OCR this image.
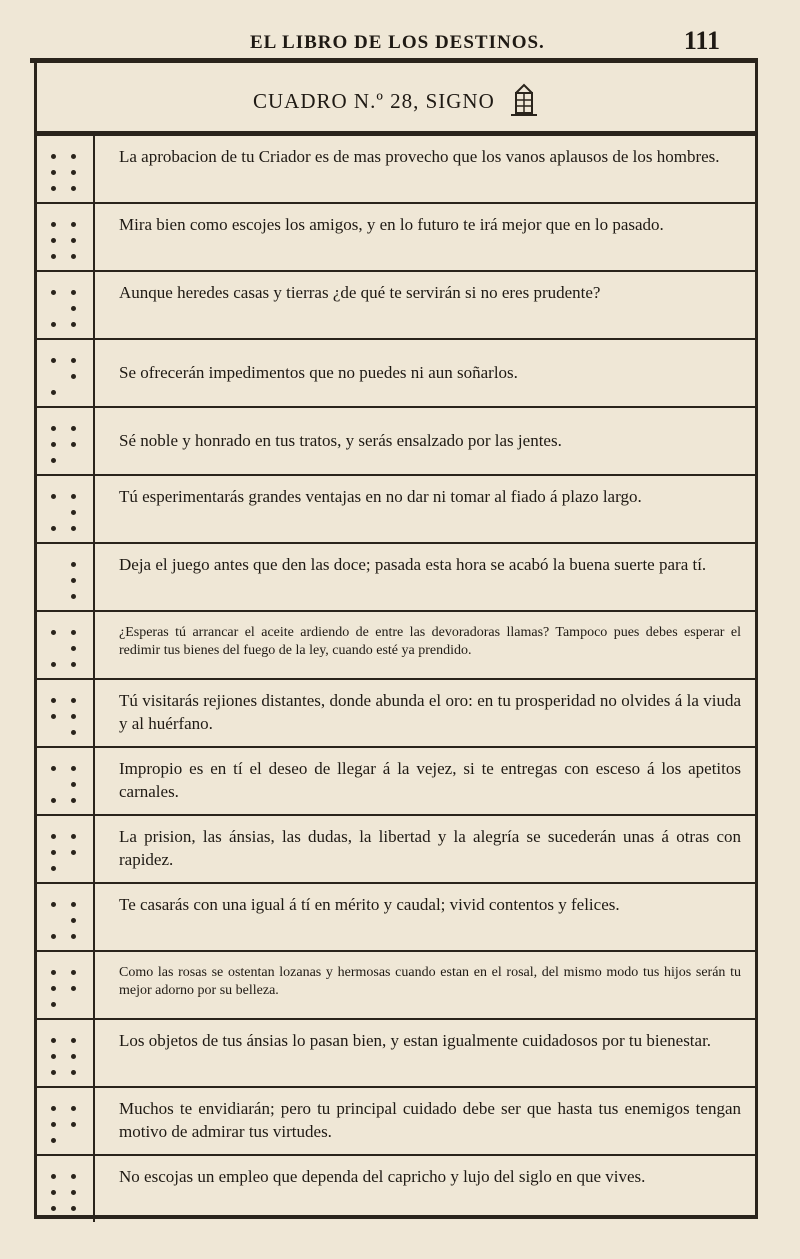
EL LIBRO DE LOS DESTINOS.	111
CUADRO N.º 28, SIGNO
La aprobacion de tu Criador es de mas provecho que los vanos aplausos de los hombres.
Mira bien como escojes los amigos, y en lo futuro te irá mejor que en lo pasado.
Aunque heredes casas y tierras ¿de qué te servirán si no eres prudente?
Se ofrecerán impedimentos que no puedes ni aun soñarlos.
Sé noble y honrado en tus tratos, y serás ensalzado por las jentes.
Tú esperimentarás grandes ventajas en no dar ni tomar al fiado á plazo largo.
Deja el juego antes que den las doce; pasada esta hora se acabó la buena suerte para tí.
¿Esperas tú arrancar el aceite ardiendo de entre las devoradoras llamas? Tampoco pues debes esperar el redimir tus bienes del fuego de la ley, cuando esté ya prendido.
Tú visitarás rejiones distantes, donde abunda el oro: en tu prosperidad no olvides á la viuda y al huérfano.
Impropio es en tí el deseo de llegar á la vejez, si te entregas con esceso á los apetitos carnales.
La prision, las ánsias, las dudas, la libertad y la alegría se sucederán unas á otras con rapidez.
Te casarás con una igual á tí en mérito y caudal; vivid contentos y felices.
Como las rosas se ostentan lozanas y hermosas cuando estan en el rosal, del mismo modo tus hijos serán tu mejor adorno por su belleza.
Los objetos de tus ánsias lo pasan bien, y estan igualmente cuidadosos por tu bienestar.
Muchos te envidiarán; pero tu principal cuidado debe ser que hasta tus enemigos tengan motivo de admirar tus virtudes.
No escojas un empleo que dependa del capricho y lujo del siglo en que vives.
